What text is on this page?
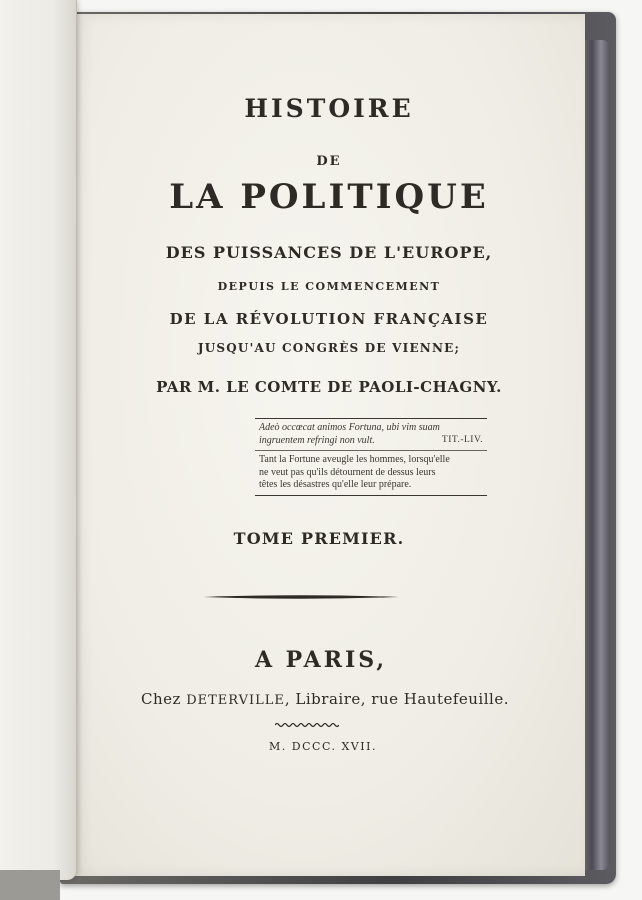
HISTOIRE
DE
LA POLITIQUE
DES PUISSANCES DE L'EUROPE,
DEPUIS LE COMMENCEMENT
DE LA RÉVOLUTION FRANÇAISE
JUSQU'AU CONGRÈS DE VIENNE;
PAR M. LE COMTE DE PAOLI-CHAGNY.
Adeò occœcat animos Fortuna, ubi vim suam
ingruentem refringi non vult.	TIT.-LIV.
Tant la Fortune aveugle les hommes, lorsqu'elle
ne veut pas qu'ils détournent de dessus leurs
têtes les désastres qu'elle leur prépare.
TOME PREMIER.
A PARIS,
Chez DETERVILLE, Libraire, rue Hautefeuille.
M. DCCC. XVII.
